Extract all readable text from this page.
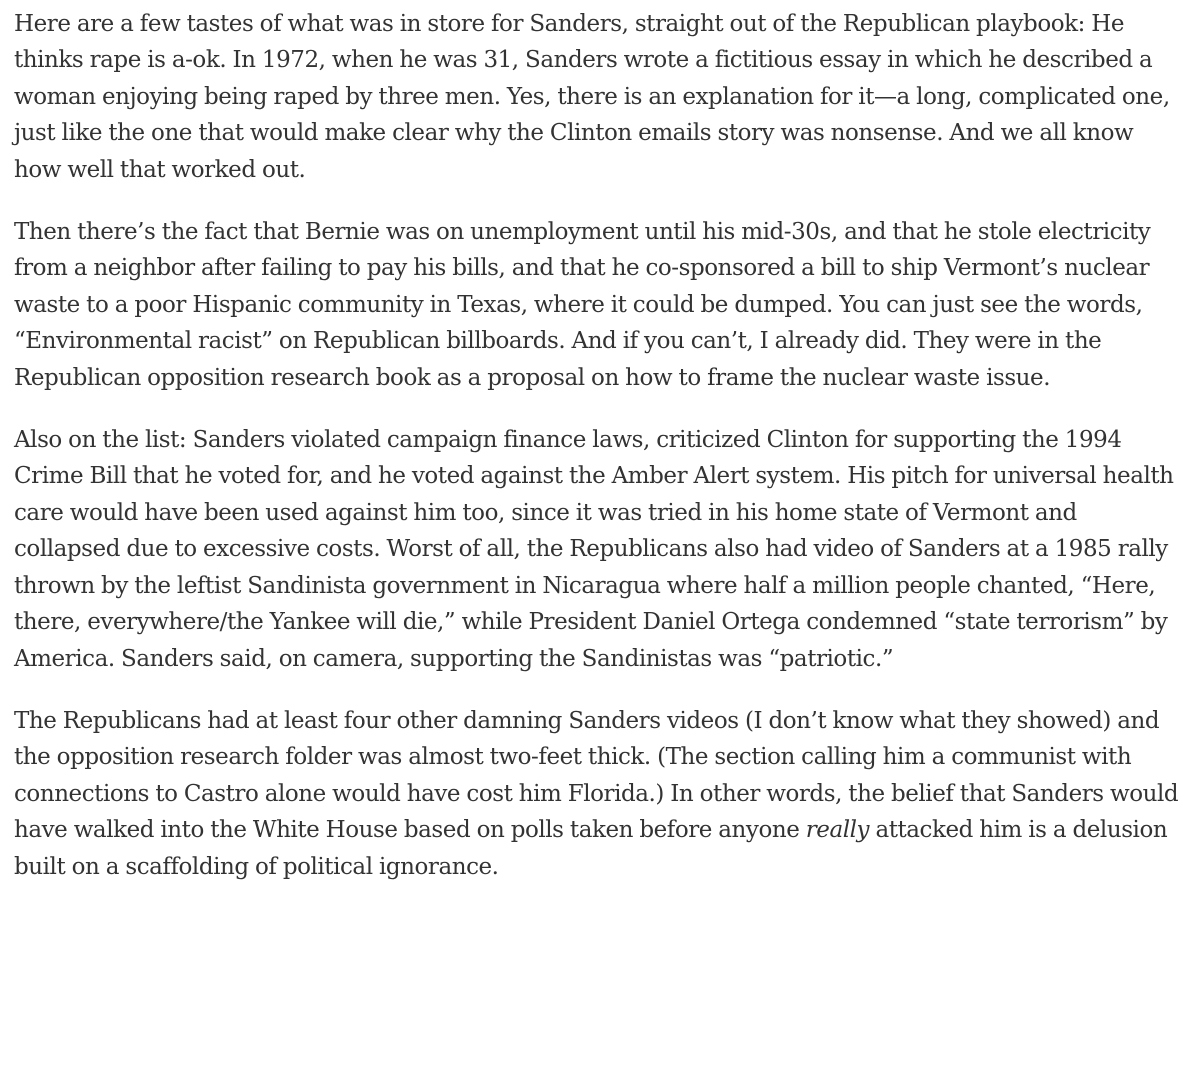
Here are a few tastes of what was in store for Sanders, straight out of the Republican playbook: He thinks rape is a-ok. In 1972, when he was 31, Sanders wrote a fictitious essay in which he described a woman enjoying being raped by three men. Yes, there is an explanation for it—a long, complicated one, just like the one that would make clear why the Clinton emails story was nonsense. And we all know how well that worked out.

Then there’s the fact that Bernie was on unemployment until his mid-30s, and that he stole electricity from a neighbor after failing to pay his bills, and that he co-sponsored a bill to ship Vermont’s nuclear waste to a poor Hispanic community in Texas, where it could be dumped. You can just see the words, “Environmental racist” on Republican billboards. And if you can’t, I already did. They were in the Republican opposition research book as a proposal on how to frame the nuclear waste issue.

Also on the list: Sanders violated campaign finance laws, criticized Clinton for supporting the 1994 Crime Bill that he voted for, and he voted against the Amber Alert system. His pitch for universal health care would have been used against him too, since it was tried in his home state of Vermont and collapsed due to excessive costs. Worst of all, the Republicans also had video of Sanders at a 1985 rally thrown by the leftist Sandinista government in Nicaragua where half a million people chanted, “Here, there, everywhere/the Yankee will die,” while President Daniel Ortega condemned “state terrorism” by America. Sanders said, on camera, supporting the Sandinistas was “patriotic.”

The Republicans had at least four other damning Sanders videos (I don’t know what they showed) and the opposition research folder was almost two-feet thick. (The section calling him a communist with connections to Castro alone would have cost him Florida.) In other words, the belief that Sanders would have walked into the White House based on polls taken before anyone really attacked him is a delusion built on a scaffolding of political ignorance.
